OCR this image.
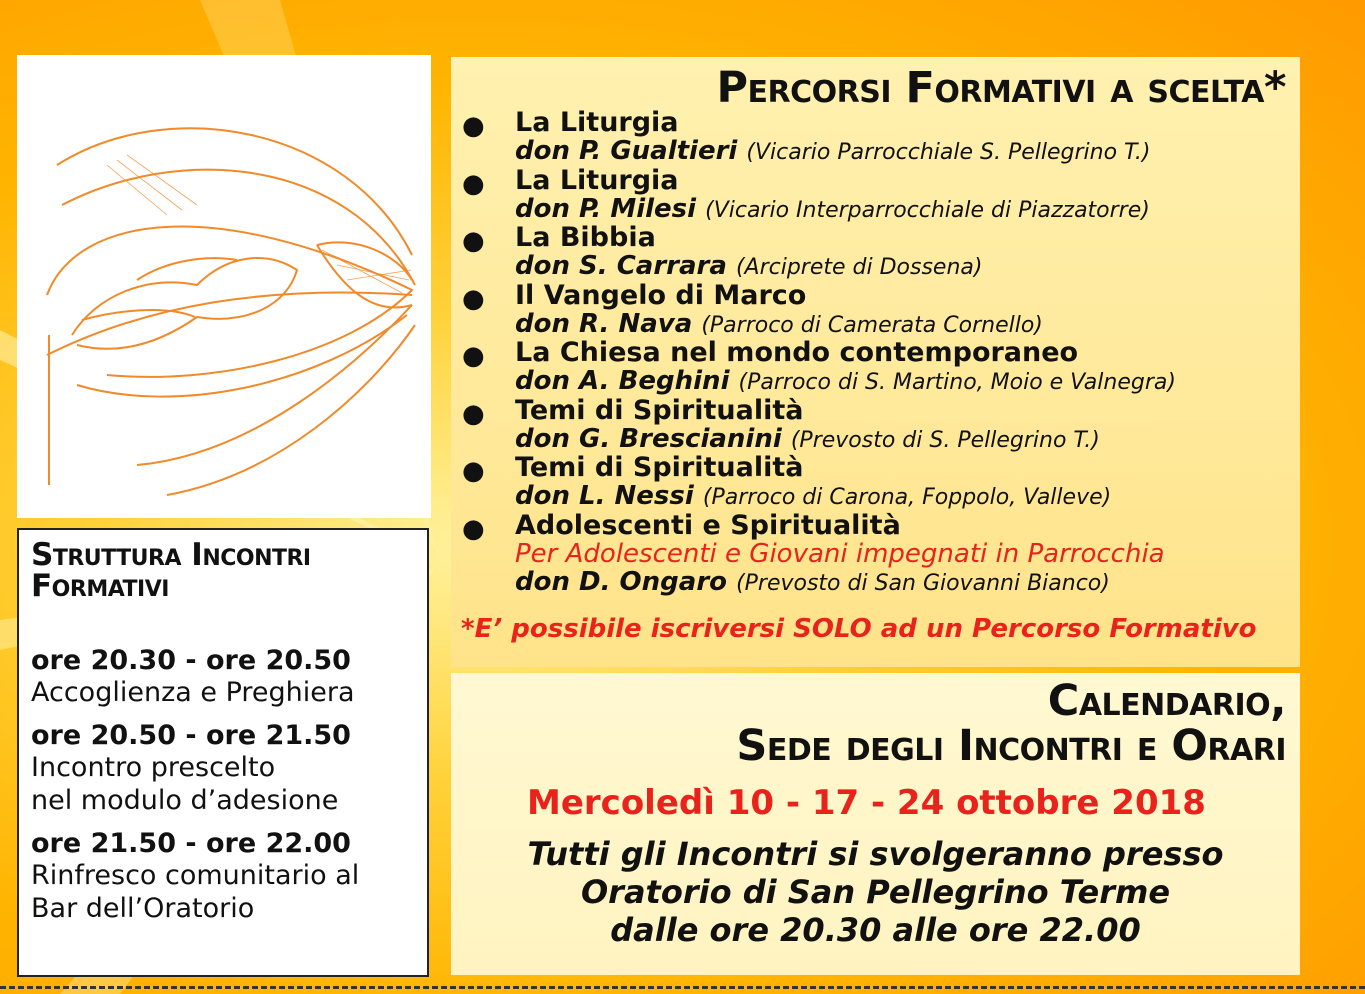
Struttura Incontri Formativi
ore 20.30 - ore 20.50
Accoglienza e Preghiera
ore 20.50 - ore 21.50
Incontro prescelto
nel modulo d’adesione
ore 21.50 - ore 22.00
Rinfresco comunitario al
Bar dell’Oratorio
Percorsi Formativi a scelta*
● La Liturgia
don P. Gualtieri (Vicario Parrocchiale S. Pellegrino T.)
● La Liturgia
don P. Milesi (Vicario Interparrocchiale di Piazzatorre)
● La Bibbia
don S. Carrara (Arciprete di Dossena)
● Il Vangelo di Marco
don R. Nava (Parroco di Camerata Cornello)
● La Chiesa nel mondo contemporaneo
don A. Beghini (Parroco di S. Martino, Moio e Valnegra)
● Temi di Spiritualità
don G. Brescianini (Prevosto di S. Pellegrino T.)
● Temi di Spiritualità
don L. Nessi (Parroco di Carona, Foppolo, Valleve)
● Adolescenti e Spiritualità
Per Adolescenti e Giovani impegnati in Parrocchia
don D. Ongaro (Prevosto di San Giovanni Bianco)
*E’ possibile iscriversi SOLO ad un Percorso Formativo
Calendario,
Sede degli Incontri e Orari
Mercoledì 10 - 17 - 24 ottobre 2018
Tutti gli Incontri si svolgeranno presso
Oratorio di San Pellegrino Terme
dalle ore 20.30 alle ore 22.00
